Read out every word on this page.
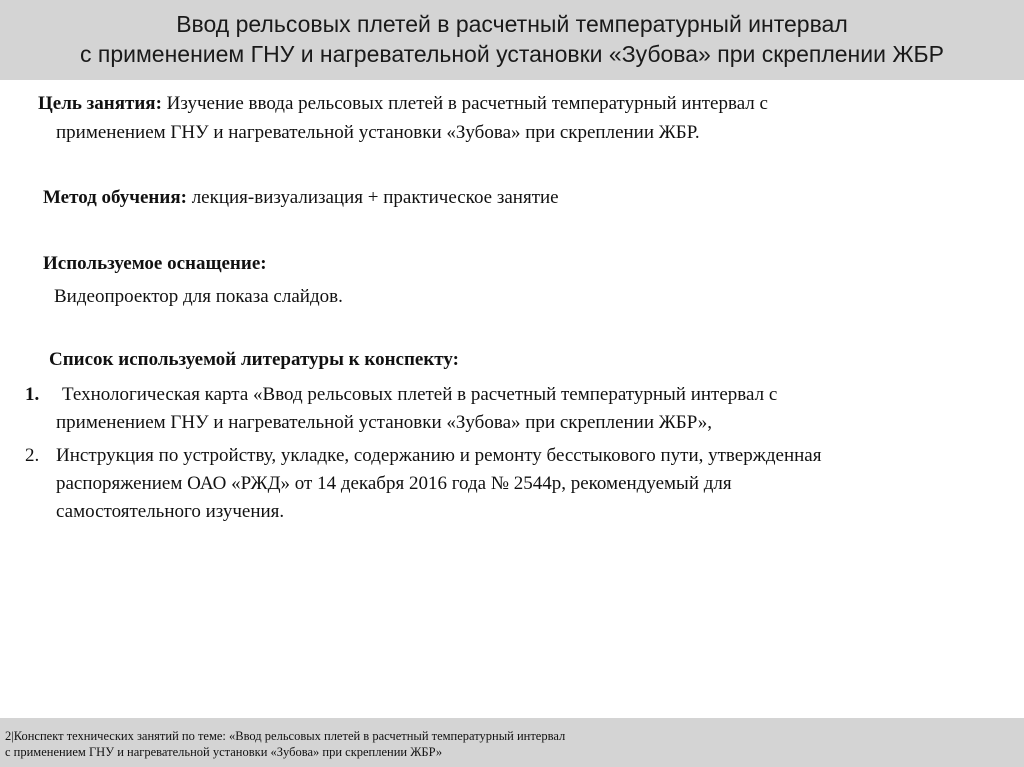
Ввод рельсовых плетей в расчетный температурный интервал
с применением ГНУ и нагревательной установки «Зубова» при скреплении ЖБР
Цель занятия: Изучение ввода рельсовых плетей в расчетный температурный интервал с
применением ГНУ и нагревательной установки «Зубова» при скреплении ЖБР.
Метод обучения: лекция-визуализация + практическое занятие
Используемое оснащение:
Видеопроектор для показа слайдов.
Список используемой литературы к конспекту:
1. Технологическая карта «Ввод рельсовых плетей в расчетный температурный интервал с
применением ГНУ и нагревательной установки «Зубова» при скреплении ЖБР»,
2. Инструкция по устройству, укладке, содержанию и ремонту бесстыкового пути, утвержденная
распоряжением ОАО «РЖД» от 14 декабря 2016 года № 2544р, рекомендуемый для
самостоятельного изучения.
2|Конспект технических занятий по теме: «Ввод рельсовых плетей в расчетный температурный интервал
с применением ГНУ и нагревательной установки «Зубова» при скреплении ЖБР»
